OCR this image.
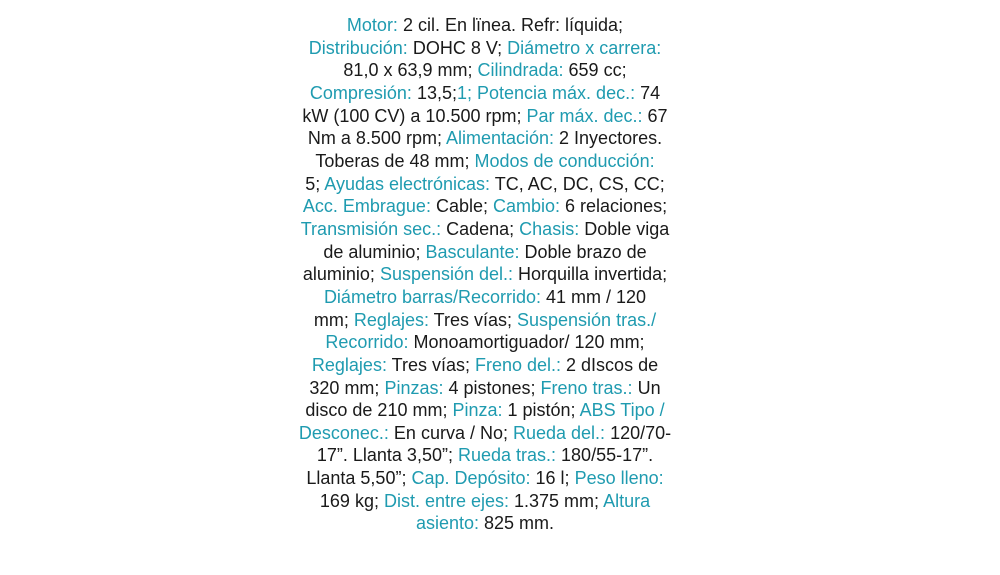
Motor: 2 cil. En lïnea. Refr: líquida;
Distribución: DOHC 8 V; Diámetro x carrera:
81,0 x 63,9 mm; Cilindrada: 659 cc;
Compresión: 13,5;1; Potencia máx. dec.: 74
kW (100 CV) a 10.500 rpm; Par máx. dec.: 67
Nm a 8.500 rpm; Alimentación: 2 Inyectores.
Toberas de 48 mm; Modos de conducción:
5; Ayudas electrónicas: TC, AC, DC, CS, CC;
Acc. Embrague: Cable; Cambio: 6 relaciones;
Transmisión sec.: Cadena; Chasis: Doble viga
de aluminio; Basculante: Doble brazo de
aluminio; Suspensión del.: Horquilla invertida;
Diámetro barras/Recorrido: 41 mm / 120
mm; Reglajes: Tres vías; Suspensión tras./
Recorrido: Monoamortiguador/ 120 mm;
Reglajes: Tres vías; Freno del.: 2 dIscos de
320 mm; Pinzas: 4 pistones; Freno tras.: Un
disco de 210 mm; Pinza: 1 pistón; ABS Tipo /
Desconec.: En curva / No; Rueda del.: 120/70-
17”. Llanta 3,50”; Rueda tras.: 180/55-17”.
Llanta 5,50”; Cap. Depósito: 16 l; Peso lleno:
169 kg; Dist. entre ejes: 1.375 mm; Altura
asiento: 825 mm.
